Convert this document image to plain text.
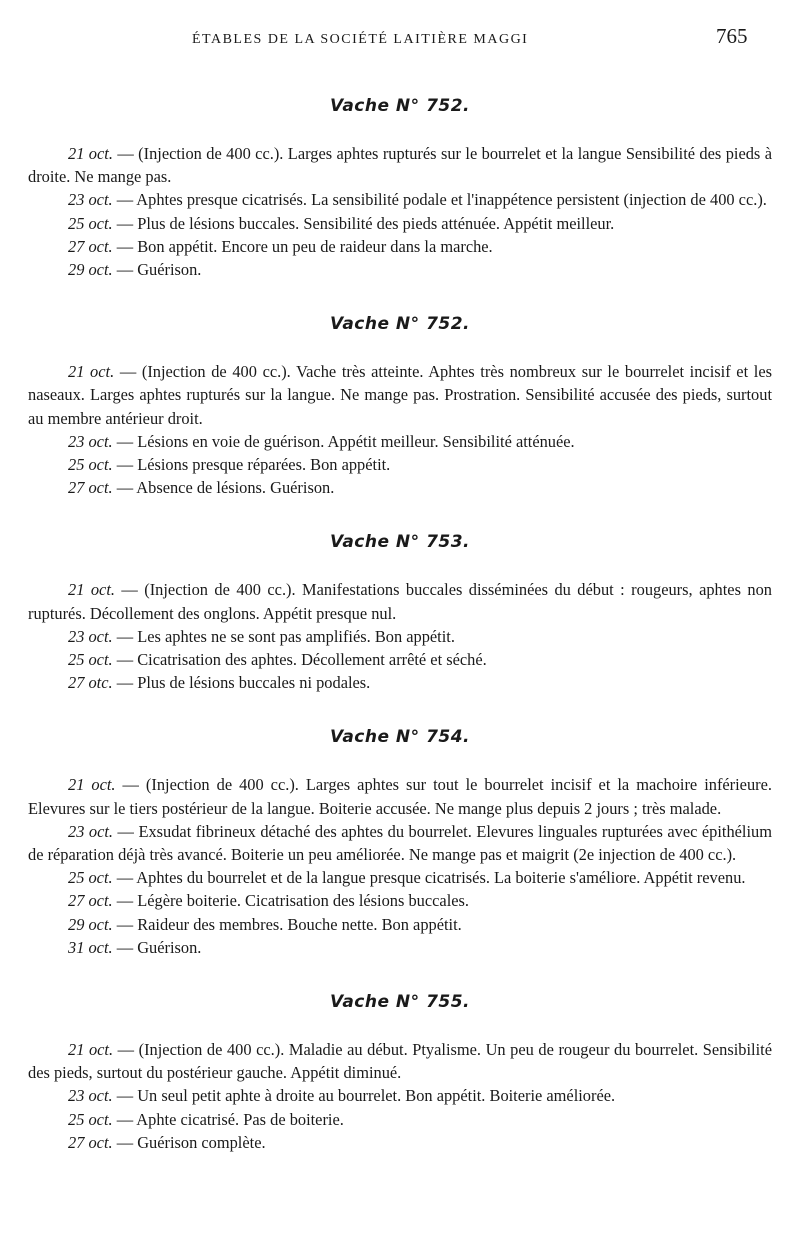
ÉTABLES DE LA SOCIÉTÉ LAITIÈRE MAGGI	765
Vache N° 752.

21 oct. — (Injection de 400 cc.). Larges aphtes rupturés sur le bourrelet et la langue Sensibilité des pieds à droite. Ne mange pas.

23 oct. — Aphtes presque cicatrisés. La sensibilité podale et l'inappétence persistent (injection de 400 cc.).

25 oct. — Plus de lésions buccales. Sensibilité des pieds atténuée. Appétit meilleur.

27 oct. — Bon appétit. Encore un peu de raideur dans la marche.

29 oct. — Guérison.

Vache N° 752.

21 oct. — (Injection de 400 cc.). Vache très atteinte. Aphtes très nombreux sur le bourrelet incisif et les naseaux. Larges aphtes rupturés sur la langue. Ne mange pas. Prostration. Sensibilité accusée des pieds, surtout au membre antérieur droit.

23 oct. — Lésions en voie de guérison. Appétit meilleur. Sensibilité atténuée.

25 oct. — Lésions presque réparées. Bon appétit.

27 oct. — Absence de lésions. Guérison.

Vache N° 753.

21 oct. — (Injection de 400 cc.). Manifestations buccales disséminées du début : rougeurs, aphtes non rupturés. Décollement des onglons. Appétit presque nul.

23 oct. — Les aphtes ne se sont pas amplifiés. Bon appétit.

25 oct. — Cicatrisation des aphtes. Décollement arrêté et séché.

27 otc. — Plus de lésions buccales ni podales.

Vache N° 754.

21 oct. — (Injection de 400 cc.). Larges aphtes sur tout le bourrelet incisif et la machoire inférieure. Elevures sur le tiers postérieur de la langue. Boiterie accusée. Ne mange plus depuis 2 jours ; très malade.

23 oct. — Exsudat fibrineux détaché des aphtes du bourrelet. Elevures linguales rupturées avec épithélium de réparation déjà très avancé. Boiterie un peu améliorée. Ne mange pas et maigrit (2e injection de 400 cc.).

25 oct. — Aphtes du bourrelet et de la langue presque cicatrisés. La boiterie s'améliore. Appétit revenu.

27 oct. — Légère boiterie. Cicatrisation des lésions buccales.

29 oct. — Raideur des membres. Bouche nette. Bon appétit.

31 oct. — Guérison.

Vache N° 755.

21 oct. — (Injection de 400 cc.). Maladie au début. Ptyalisme. Un peu de rougeur du bourrelet. Sensibilité des pieds, surtout du postérieur gauche. Appétit diminué.

23 oct. — Un seul petit aphte à droite au bourrelet. Bon appétit. Boiterie améliorée.

25 oct. — Aphte cicatrisé. Pas de boiterie.

27 oct. — Guérison complète.
